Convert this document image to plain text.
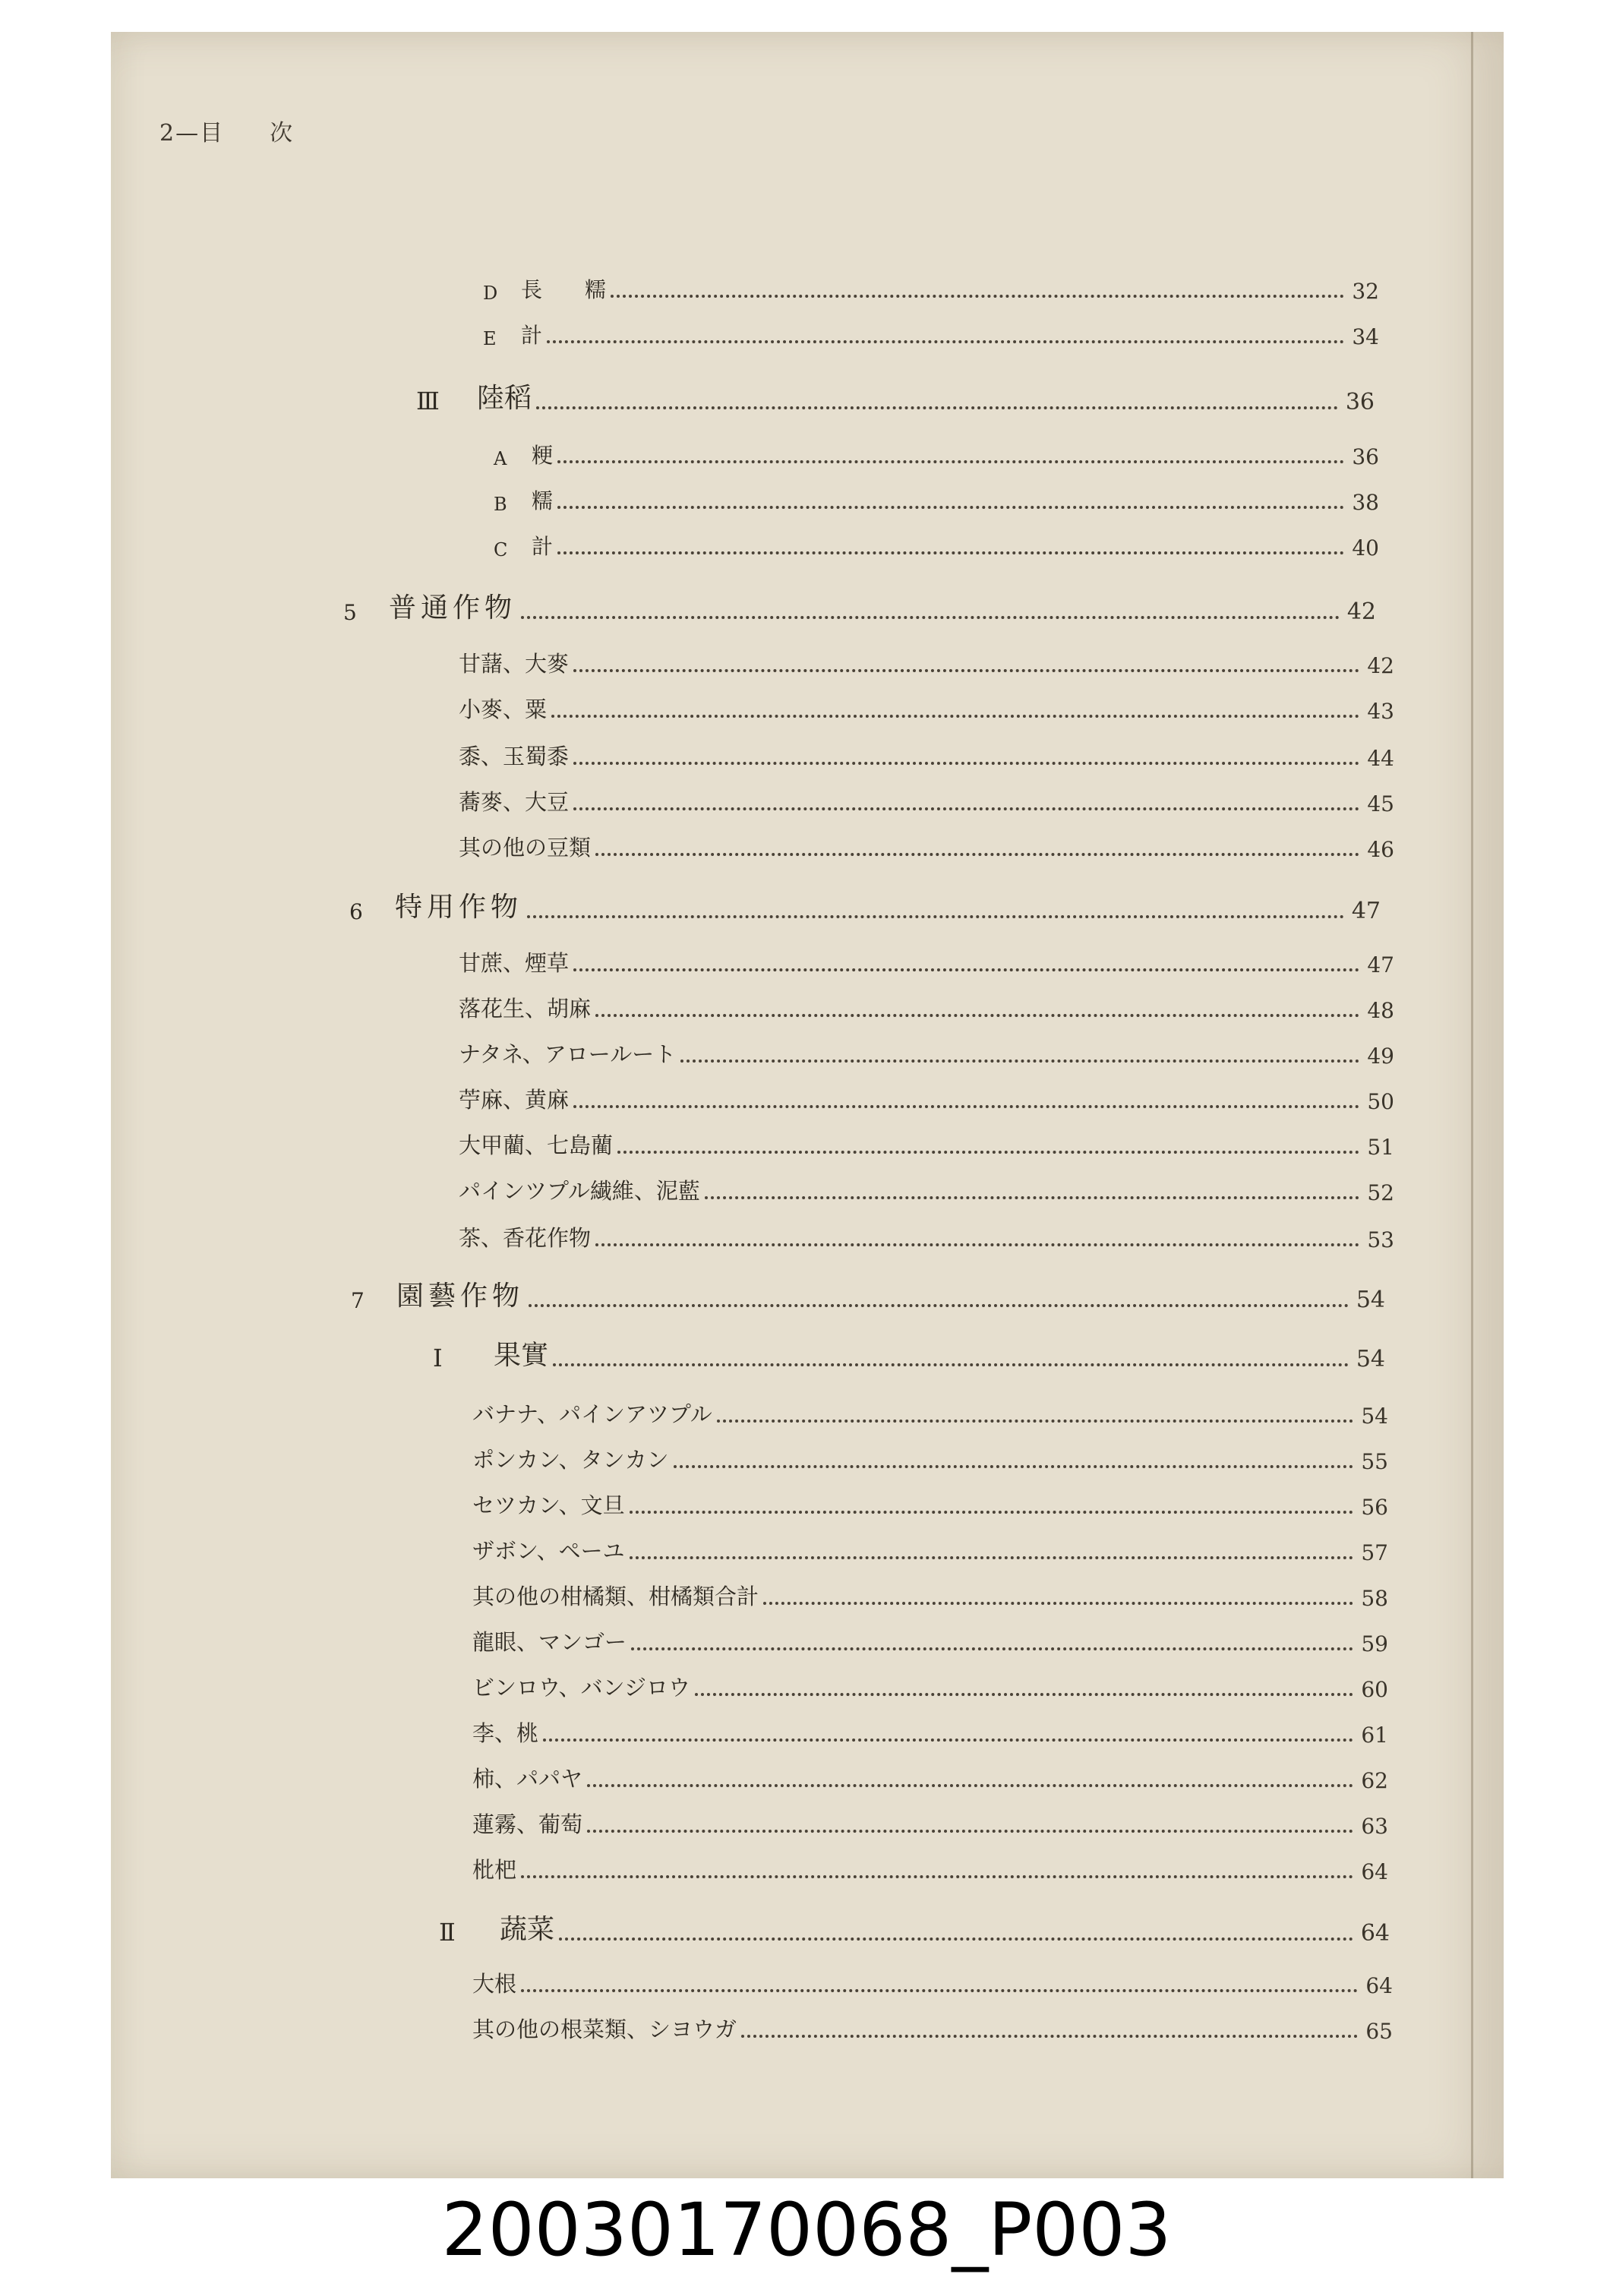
2—目 次
D	長　　糯	32
E	計	34
Ⅲ	陸稻	36
A	粳	36
B	糯	38
C	計	40
5	普通作物	42
甘藷、大麥	42
小麥、粟	43
黍、玉蜀黍	44
蕎麥、大豆	45
其の他の豆類	46
6	特用作物	47
甘蔗、煙草	47
落花生、胡麻	48
ナタネ、アロールート	49
苧麻、黄麻	50
大甲藺、七島藺	51
パインツプル繊維、泥藍	52
茶、香花作物	53
7	園藝作物	54
Ⅰ	果實	54
バナナ、パインアツプル	54
ポンカン、タンカン	55
セツカン、文旦	56
ザボン、ペーユ	57
其の他の柑橘類、柑橘類合計	58
龍眼、マンゴー	59
ビンロウ、バンジロウ	60
李、桃	61
柿、パパヤ	62
蓮霧、葡萄	63
枇杷	64
Ⅱ	蔬菜	64
大根	64
其の他の根菜類、シヨウガ	65
20030170068_P003
